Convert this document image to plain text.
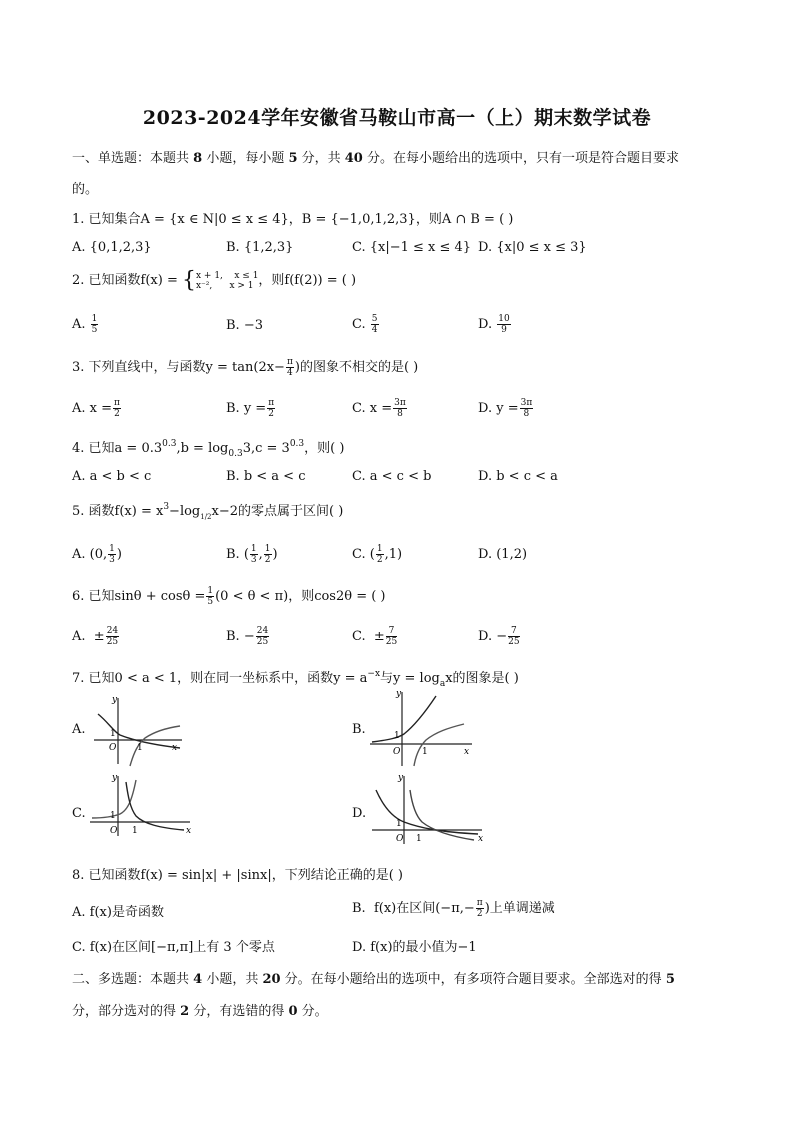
2023-2024学年安徽省马鞍山市高一（上）期末数学试卷
一、单选题：本题共 8 小题，每小题 5 分，共 40 分。在每小题给出的选项中，只有一项是符合题目要求
的。
1. 已知集合A = {x ∈ N|0 ≤ x ≤ 4}，B = {−1,0,1,2,3}，则A ∩ B = ( )
A. {0,1,2,3}	B. {1,2,3}	C. {x|−1 ≤ x ≤ 4} D. {x|0 ≤ x ≤ 3}
2. 已知函数f(x) = { x + 1,    x ≤ 1
x⁻²,      x > 1 ，则f(f(2)) = ( )
A. $\frac{1}{5}$	B. −3	C. $\frac{5}{4}$	D. $\frac{10}{9}$
3. 下列直线中，与函数$y = \tan(2x- \frac{\pi}{4}$ )的图象不相交的是( )
A. $x = \frac{\pi}{2}$	B. $y = \frac{\pi}{2}$	C. $x = \frac{3\pi}{8}$	D. $y = \frac{3\pi}{8}$
4. 已知$a = 0.3^{0.3},b = \log_{0.3}3,c = 3^{0.3}$，则( )
A. a < b < c	B. b < a < c	C. a < c < b	D. b < c < a
5. 函数$f(x) = x^3-\log_{1/2}x-2$的零点属于区间( )
A. (0, $\frac{1}{3}$ )	B. ( $\frac{1}{3}$ , $\frac{1}{2}$ )	C. ( $\frac{1}{2} ,1$)	D. (1,2)
6. 已知$\sin\theta + \cos\theta = \frac{1}{5} (0 < \theta < \pi)$，则cos2θ = ( )
A.  ± $\frac{24}{25}$	B. − $\frac{24}{25}$	C.  ± $\frac{7}{25}$	D. − $\frac{7}{25}$
7. 已知0 < a < 1，则在同一坐标系中，函数$y = a^{-x}$与$y = \log_ax$的图象是( )
A.	B.
C.	D.
1
O 1	x
y
1
O 1	x
y
1
O 1	x
y
1
O 1	x
y
8. 已知函数f(x) = sin|x| + |sinx|，下列结论正确的是( )
A. f(x)是奇函数	B.  f(x)在区间($-\pi,- \frac{\pi}{2}$ )上单调递减
C. f(x)在区间[−π,π]上有 3 个零点	D. f(x)的最小值为−1
二、多选题：本题共 4 小题，共 20 分。在每小题给出的选项中，有多项符合题目要求。全部选对的得 5
分，部分选对的得 2 分，有选错的得 0 分。
